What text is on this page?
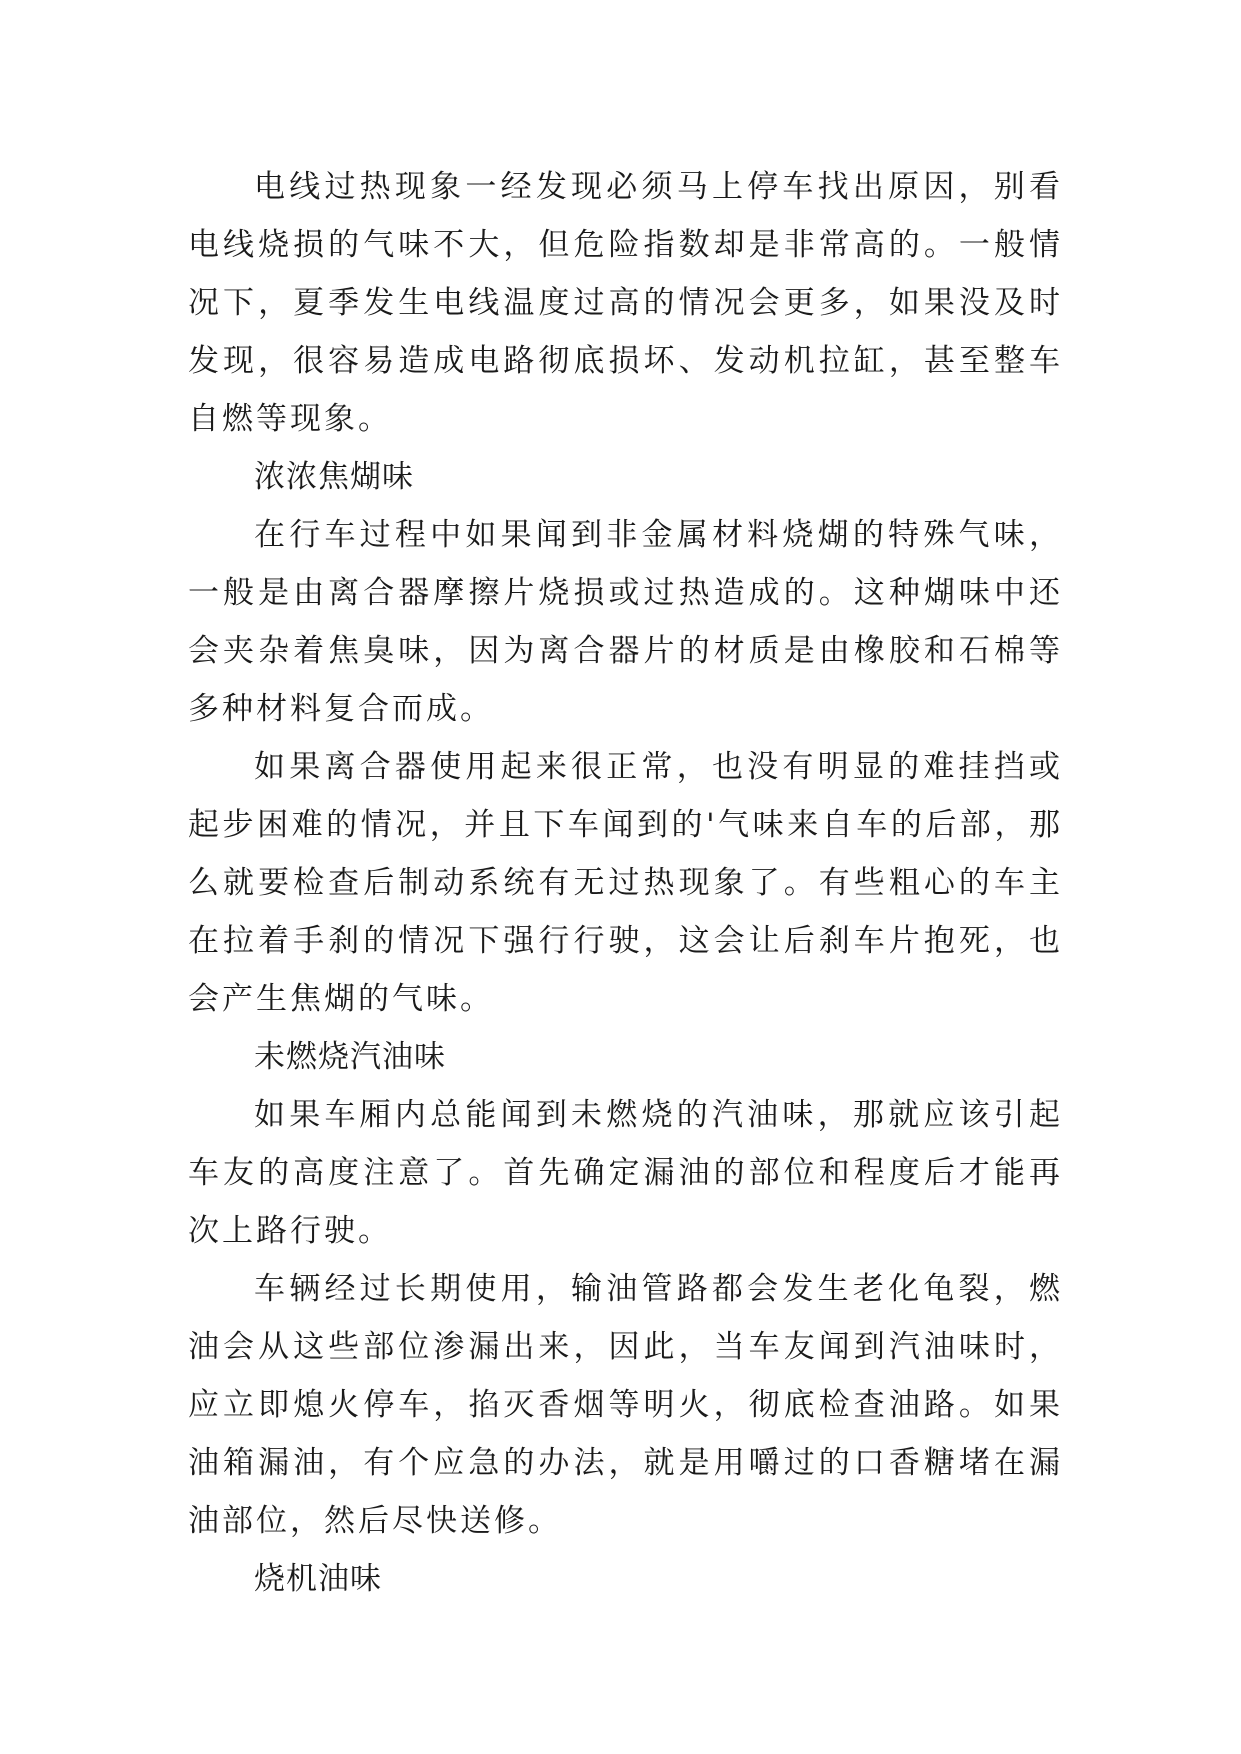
电线过热现象一经发现必须马上停车找出原因，别看电线烧损的气味不大，但危险指数却是非常高的。一般情况下，夏季发生电线温度过高的情况会更多，如果没及时发现，很容易造成电路彻底损坏、发动机拉缸，甚至整车自燃等现象。

浓浓焦煳味

在行车过程中如果闻到非金属材料烧煳的特殊气味，一般是由离合器摩擦片烧损或过热造成的。这种煳味中还会夹杂着焦臭味，因为离合器片的材质是由橡胶和石棉等多种材料复合而成。

如果离合器使用起来很正常，也没有明显的难挂挡或起步困难的情况，并且下车闻到的'气味来自车的后部，那么就要检查后制动系统有无过热现象了。有些粗心的车主在拉着手刹的情况下强行行驶，这会让后刹车片抱死，也会产生焦煳的气味。

未燃烧汽油味

如果车厢内总能闻到未燃烧的汽油味，那就应该引起车友的高度注意了。首先确定漏油的部位和程度后才能再次上路行驶。

车辆经过长期使用，输油管路都会发生老化龟裂，燃油会从这些部位渗漏出来，因此，当车友闻到汽油味时，应立即熄火停车，掐灭香烟等明火，彻底检查油路。如果油箱漏油，有个应急的办法，就是用嚼过的口香糖堵在漏油部位，然后尽快送修。

烧机油味
